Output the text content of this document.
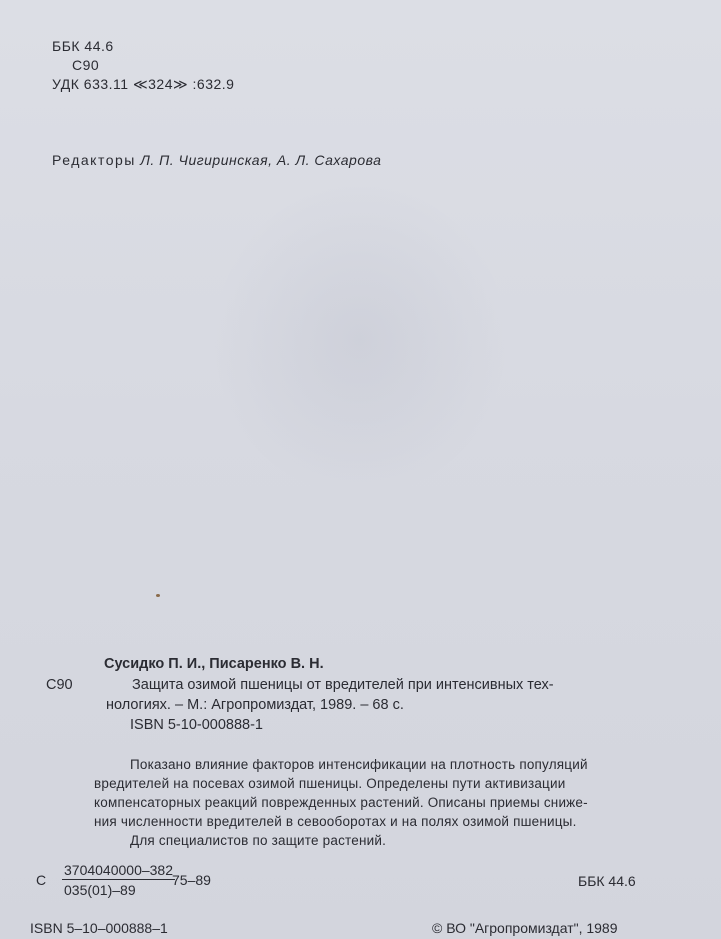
ББК 44.6
С90
УДК 633.11 ≪324≫ :632.9
Редакторы Л. П. Чигиринская, А. Л. Сахарова
Сусидко П. И., Писаренко В. Н.
С90	Защита озимой пшеницы от вредителей при интенсивных тех-
нологиях. – М.: Агропромиздат, 1989. – 68 с.
ISBN 5-10-000888-1
Показано влияние факторов интенсификации на плотность популяций
вредителей на посевах озимой пшеницы. Определены пути активизации
компенсаторных реакций поврежденных растений. Описаны приемы сниже-
ния численности вредителей в севооборотах и на полях озимой пшеницы.
Для специалистов по защите растений.
С $\frac{3704040000-382}{035(01)-89}$
75–89	ББК 44.6
ISBN 5–10–000888–1	© ВО "Агропромиздат", 1989
